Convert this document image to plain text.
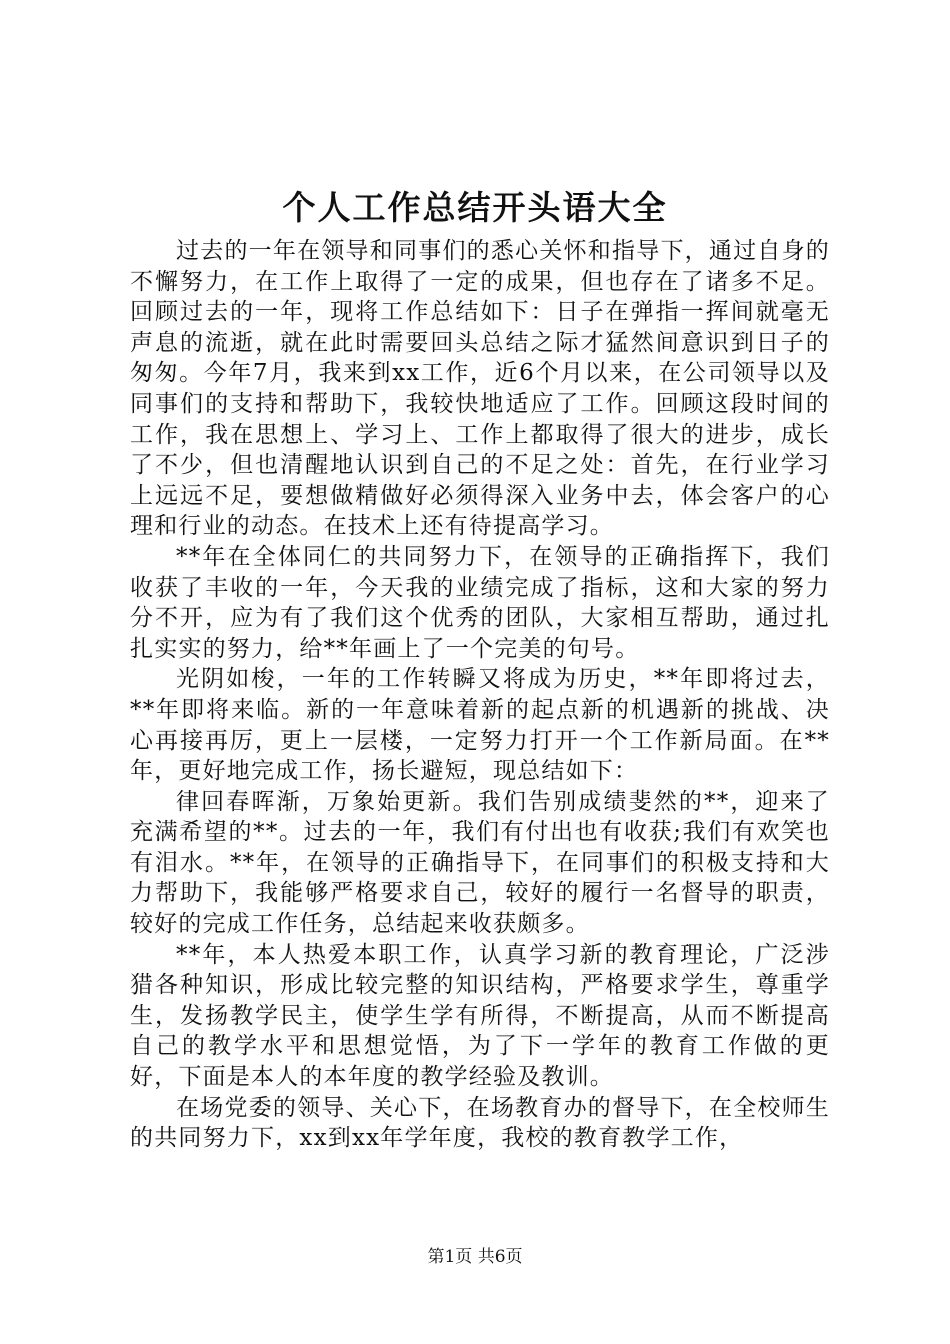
个人工作总结开头语大全

过去的一年在领导和同事们的悉心关怀和指导下，通过自身的不懈努力，在工作上取得了一定的成果，但也存在了诸多不足。回顾过去的一年，现将工作总结如下：日子在弹指一挥间就毫无声息的流逝，就在此时需要回头总结之际才猛然间意识到日子的匆匆。今年7月，我来到xx工作，近6个月以来，在公司领导以及同事们的支持和帮助下，我较快地适应了工作。回顾这段时间的工作，我在思想上、学习上、工作上都取得了很大的进步，成长了不少，但也清醒地认识到自己的不足之处：首先，在行业学习上远远不足，要想做精做好必须得深入业务中去，体会客户的心理和行业的动态。在技术上还有待提高学习。

**年在全体同仁的共同努力下，在领导的正确指挥下，我们收获了丰收的一年，今天我的业绩完成了指标，这和大家的努力分不开，应为有了我们这个优秀的团队，大家相互帮助，通过扎扎实实的努力，给**年画上了一个完美的句号。

光阴如梭，一年的工作转瞬又将成为历史，**年即将过去，**年即将来临。新的一年意味着新的起点新的机遇新的挑战、决心再接再厉，更上一层楼，一定努力打开一个工作新局面。在**年，更好地完成工作，扬长避短，现总结如下：

律回春晖渐，万象始更新。我们告别成绩斐然的**，迎来了充满希望的**。过去的一年，我们有付出也有收获;我们有欢笑也有泪水。**年，在领导的正确指导下，在同事们的积极支持和大力帮助下，我能够严格要求自己，较好的履行一名督导的职责，较好的完成工作任务，总结起来收获颇多。

**年，本人热爱本职工作，认真学习新的教育理论，广泛涉猎各种知识，形成比较完整的知识结构，严格要求学生，尊重学生，发扬教学民主，使学生学有所得，不断提高，从而不断提高自己的教学水平和思想觉悟，为了下一学年的教育工作做的更好，下面是本人的本年度的教学经验及教训。

在场党委的领导、关心下，在场教育办的督导下，在全校师生的共同努力下，xx到xx年学年度，我校的教育教学工作，

第1页 共6页
